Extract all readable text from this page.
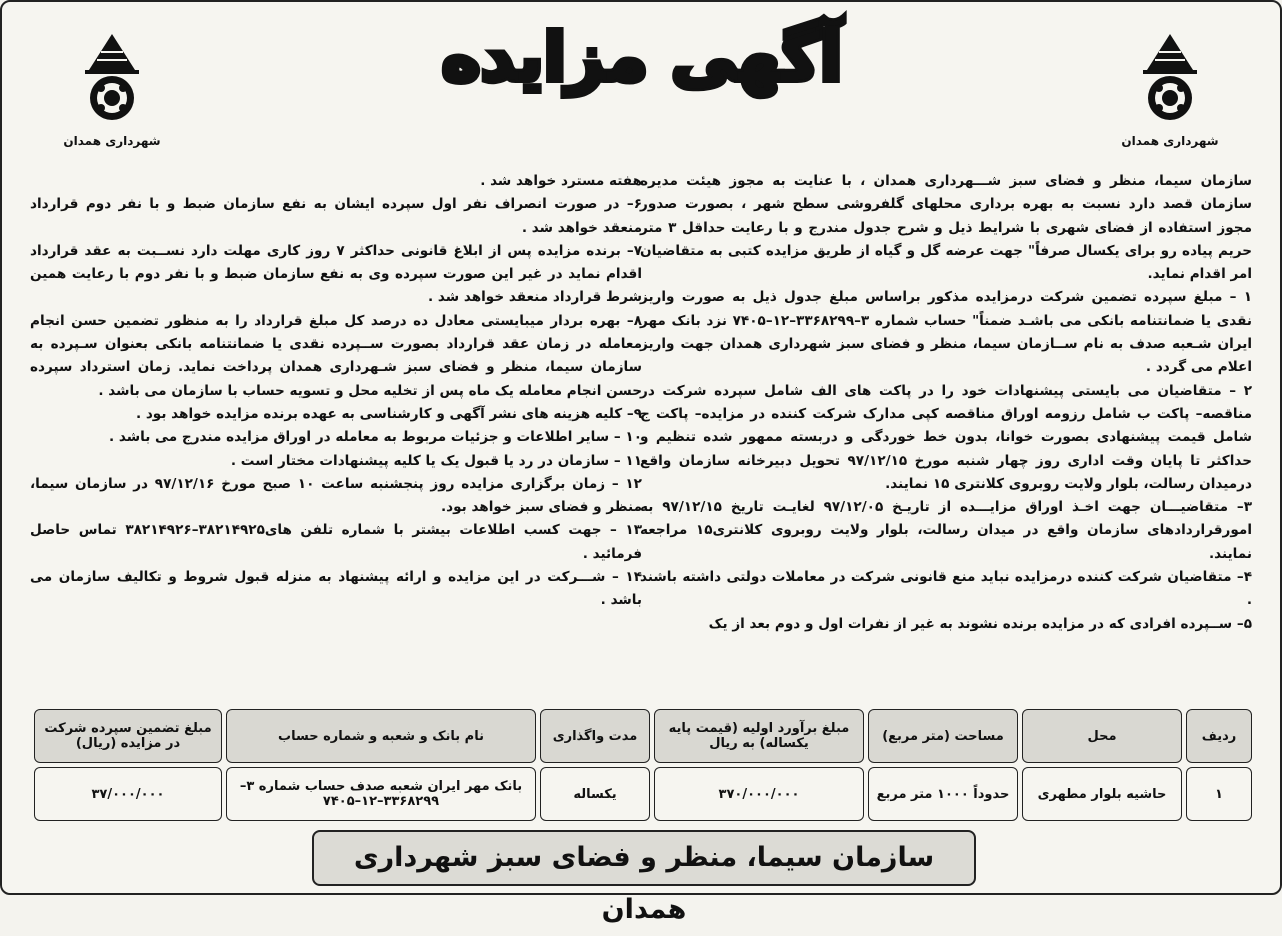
شهرداری همدان
آگهی مزایده
شهرداری همدان

سازمان سیما، منظر و فضای سبز شـــهرداری همدان ، با عنایت به مجوز هیئت مدیره سازمان قصد دارد نسبت به بهره برداری محلهای گلفروشی سطح شهر ، بصورت صدور مجوز استفاده از فضای شهری با شرایط ذیل و شرح جدول مندرج و با رعایت حداقل ۳ متر حریم پیاده رو برای یکسال صرفاً" جهت عرضه گل و گیاه از طریق مزایده کتبی به متقاضیان امر اقدام نماید.

۱ – مبلغ سپرده تضمین شرکت درمزایده مذکور براساس مبلغ جدول ذیل به صورت واریز نقدی یا ضمانتنامه بانکی می باشـد ضمناً" حساب شماره ۳–۳۳۶۸۲۹۹–۱۲–۷۴۰۵ نزد بانک مهر ایران شـعبه صدف به نام ســازمان سیما، منظر و فضای سبز شهرداری همدان جهت واریز اعلام می گردد .

۲ – متقاضیان می بایستی پیشنهادات خود را در پاکت های الف شامل سپرده شرکت در مناقصه– پاکت ب شامل رزومه اوراق مناقصه کپی مدارک شرکت کننده در مزایده– پاکت ج شامل قیمت پیشنهادی بصورت خوانا، بدون خط خوردگی و دربسته ممهور شده تنظیم و حداکثر تا پایان وقت اداری روز چهار شنبه مورخ ۹۷/۱۲/۱۵ تحویل دبیرخانه سازمان واقع درمیدان رسالت، بلوار ولایت روبروی کلانتری ۱۵ نمایند.

۳– متقاضیـــان جهت اخـذ اوراق مزایـــده از تاریـخ ۹۷/۱۲/۰۵ لغایـت تاریخ ۹۷/۱۲/۱۵ به امورقراردادهای سازمان واقع در میدان رسالت، بلوار ولایت روبروی کلانتری۱۵ مراجعه نمایند.

۴– متقاضیان شرکت کننده درمزایده نباید منع قانونی شرکت در معاملات دولتی داشته باشند .

۵– ســپرده افرادی که در مزایده برنده نشوند به غیر از نفرات اول و دوم بعد از یک

هفته مسترد خواهد شد .

۶– در صورت انصراف نفر اول سپرده ایشان به نفع سازمان ضبط و با نفر دوم قرارداد منعقد خواهد شد .

۷– برنده مزایده پس از ابلاغ قانونی حداکثر ۷ روز کاری مهلت دارد نســبت به عقد قرارداد اقدام نماید در غیر این صورت سپرده وی به نفع سازمان ضبط و با نفر دوم با رعایت همین شرط قرارداد منعقد خواهد شد .

۸– بهره بردار میبایستی معادل ده درصد کل مبلغ قرارداد را به منظور تضمین حسن انجام معامله در زمان عقد قرارداد بصورت ســپرده نقدی یا ضمانتنامه بانکی بعنوان سـپرده به سازمان سیما، منظر و فضای سبز شـهرداری همدان پرداخت نماید. زمان استرداد سپرده حسن انجام معامله یک ماه پس از تخلیه محل و تسویه حساب با سازمان می باشد .

۹– کلیه هزینه های نشر آگهی و کارشناسی به عهده برنده مزایده خواهد بود .

۱۰ – سایر اطلاعات و جزئیات مربوط به معامله در اوراق مزایده مندرج می باشد .

۱۱ – سازمان در رد یا قبول یک یا کلیه پیشنهادات مختار است .

۱۲ – زمان برگزاری مزایده روز پنجشنبه ساعت ۱۰ صبح مورخ ۹۷/۱۲/۱۶ در سازمان سیما، منظر و فضای سبز خواهد بود.

۱۳ – جهت کسب اطلاعات بیشتر با شماره تلفن های۳۸۲۱۴۹۲۵–۳۸۲۱۴۹۲۶ تماس حاصل فرمائید .

۱۴ – شـــرکت در این مزایده و ارائه پیشنهاد به منزله قبول شروط و تکالیف سازمان می باشد .

ردیف	محل	مساحت (متر مربع)	مبلغ برآورد اولیه (قیمت پایه یکساله) به ریال	مدت واگذاری	نام بانک و شعبه و شماره حساب	مبلغ تضمین سپرده شرکت در مزایده (ریال)
۱	حاشیه بلوار مطهری	حدوداً ۱۰۰۰ متر مربع	۳۷۰/۰۰۰/۰۰۰	یکساله	بانک مهر ایران شعبه صدف حساب شماره ۳–۳۳۶۸۲۹۹–۱۲–۷۴۰۵	۳۷/۰۰۰/۰۰۰
سازمان سیما، منظر و فضای سبز شهرداری همدان
